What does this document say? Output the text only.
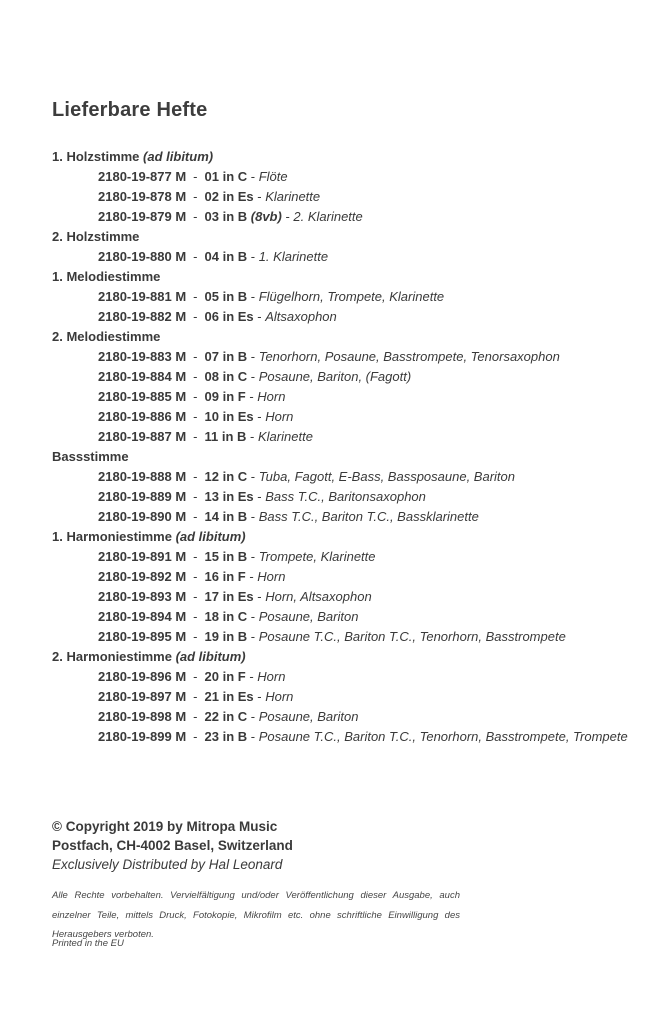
Lieferbare Hefte
1. Holzstimme (ad libitum)
2180-19-877 M - 01 in C - Flöte
2180-19-878 M - 02 in Es - Klarinette
2180-19-879 M - 03 in B (8vb) - 2. Klarinette
2. Holzstimme
2180-19-880 M - 04 in B - 1. Klarinette
1. Melodiestimme
2180-19-881 M - 05 in B - Flügelhorn, Trompete, Klarinette
2180-19-882 M - 06 in Es - Altsaxophon
2. Melodiestimme
2180-19-883 M - 07 in B - Tenorhorn, Posaune, Basstrompete, Tenorsaxophon
2180-19-884 M - 08 in C - Posaune, Bariton, (Fagott)
2180-19-885 M - 09 in F - Horn
2180-19-886 M - 10 in Es - Horn
2180-19-887 M - 11 in B - Klarinette
Bassstimme
2180-19-888 M - 12 in C - Tuba, Fagott, E-Bass, Bassposaune, Bariton
2180-19-889 M - 13 in Es - Bass T.C., Baritonsaxophon
2180-19-890 M - 14 in B - Bass T.C., Bariton T.C., Bassklarinette
1. Harmoniestimme (ad libitum)
2180-19-891 M - 15 in B - Trompete, Klarinette
2180-19-892 M - 16 in F - Horn
2180-19-893 M - 17 in Es - Horn, Altsaxophon
2180-19-894 M - 18 in C - Posaune, Bariton
2180-19-895 M - 19 in B - Posaune T.C., Bariton T.C., Tenorhorn, Basstrompete
2. Harmoniestimme (ad libitum)
2180-19-896 M - 20 in F - Horn
2180-19-897 M - 21 in Es - Horn
2180-19-898 M - 22 in C - Posaune, Bariton
2180-19-899 M - 23 in B - Posaune T.C., Bariton T.C., Tenorhorn, Basstrompete, Trompete
© Copyright 2019 by Mitropa Music
Postfach, CH-4002 Basel, Switzerland
Exclusively Distributed by Hal Leonard
Alle Rechte vorbehalten. Vervielfältigung und/oder Veröffentlichung dieser Ausgabe, auch einzelner Teile, mittels Druck, Fotokopie, Mikrofilm etc. ohne schriftliche Einwilligung des Herausgebers verboten.
Printed in the EU
